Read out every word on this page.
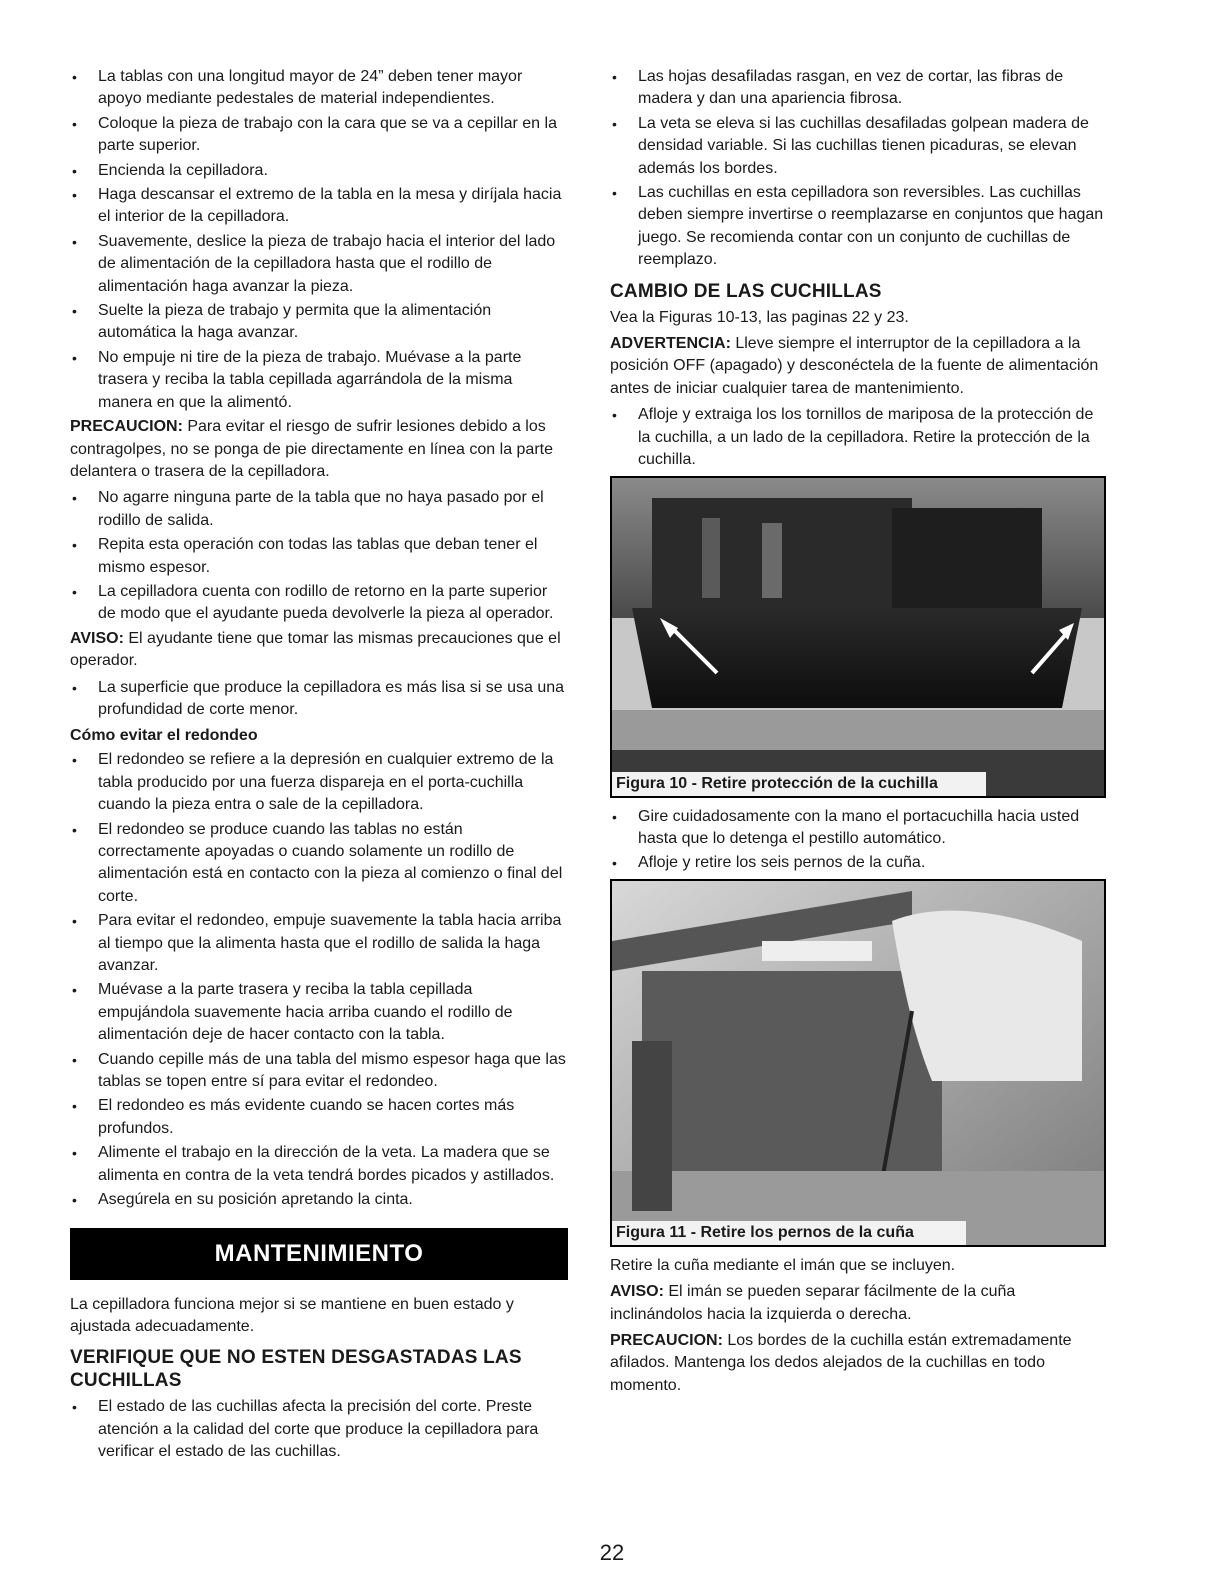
• La tablas con una longitud mayor de 24” deben tener mayor apoyo mediante pedestales de material independientes.
• Coloque la pieza de trabajo con la cara que se va a cepillar en la parte superior.
• Encienda la cepilladora.
• Haga descansar el extremo de la tabla en la mesa y diríjala hacia el interior de la cepilladora.
• Suavemente, deslice la pieza de trabajo hacia el interior del lado de alimentación de la cepilladora hasta que el rodillo de alimentación haga avanzar la pieza.
• Suelte la pieza de trabajo y permita que la alimentación automática la haga avanzar.
• No empuje ni tire de la pieza de trabajo. Muévase a la parte trasera y reciba la tabla cepillada agarrándola de la misma manera en que la alimentó.

PRECAUCION: Para evitar el riesgo de sufrir lesiones debido a los contragolpes, no se ponga de pie directamente en línea con la parte delantera o trasera de la cepilladora.

• No agarre ninguna parte de la tabla que no haya pasado por el rodillo de salida.
• Repita esta operación con todas las tablas que deban tener el mismo espesor.
• La cepilladora cuenta con rodillo de retorno en la parte superior de modo que el ayudante pueda devolverle la pieza al operador.

AVISO: El ayudante tiene que tomar las mismas precauciones que el operador.

• La superficie que produce la cepilladora es más lisa si se usa una profundidad de corte menor.
Cómo evitar el redondeo
• El redondeo se refiere a la depresión en cualquier extremo de la tabla producido por una fuerza dispareja en el porta-cuchilla cuando la pieza entra o sale de la cepilladora.
• El redondeo se produce cuando las tablas no están correctamente apoyadas o cuando solamente un rodillo de alimentación está en contacto con la pieza al comienzo o final del corte.
• Para evitar el redondeo, empuje suavemente la tabla hacia arriba al tiempo que la alimenta hasta que el rodillo de salida la haga avanzar.
• Muévase a la parte trasera y reciba la tabla cepillada empujándola suavemente hacia arriba cuando el rodillo de alimentación deje de hacer contacto con la tabla.
• Cuando cepille más de una tabla del mismo espesor haga que las tablas se topen entre sí para evitar el redondeo.
• El redondeo es más evidente cuando se hacen cortes más profundos.
• Alimente el trabajo en la dirección de la veta. La madera que se alimenta en contra de la veta tendrá bordes picados y astillados.
• Asegúrela en su posición apretando la cinta.
MANTENIMIENTO

La cepilladora funciona mejor si se mantiene en buen estado y ajustada adecuadamente.

VERIFIQUE QUE NO ESTEN DESGASTADAS LAS CUCHILLAS
• El estado de las cuchillas afecta la precisión del corte. Preste atención a la calidad del corte que produce la cepilladora para verificar el estado de las cuchillas.
• Las hojas desafiladas rasgan, en vez de cortar, las fibras de madera y dan una apariencia fibrosa.
• La veta se eleva si las cuchillas desafiladas golpean madera de densidad variable. Si las cuchillas tienen picaduras, se elevan además los bordes.
• Las cuchillas en esta cepilladora son reversibles. Las cuchillas deben siempre invertirse o reemplazarse en conjuntos que hagan juego. Se recomienda contar con un conjunto de cuchillas de reemplazo.
CAMBIO DE LAS CUCHILLAS

Vea la Figuras 10-13, las paginas 22 y 23.

ADVERTENCIA: Lleve siempre el interruptor de la cepilladora a la posición OFF (apagado) y desconéctela de la fuente de alimentación antes de iniciar cualquier tarea de mantenimiento.

• Afloje y extraiga los los tornillos de mariposa de la protección de la cuchilla, a un lado de la cepilladora. Retire la protección de la cuchilla.
Figura 10 - Retire protección de la cuchilla
• Gire cuidadosamente con la mano el portacuchilla hacia usted hasta que lo detenga el pestillo automático.
• Afloje y retire los seis pernos de la cuña.
Figura 11 - Retire los pernos de la cuña

Retire la cuña mediante el imán que se incluyen.

AVISO: El imán se pueden separar fácilmente de la cuña inclinándolos hacia la izquierda o derecha.

PRECAUCION: Los bordes de la cuchilla están extremadamente afilados. Mantenga los dedos alejados de la cuchillas en todo momento.

22
